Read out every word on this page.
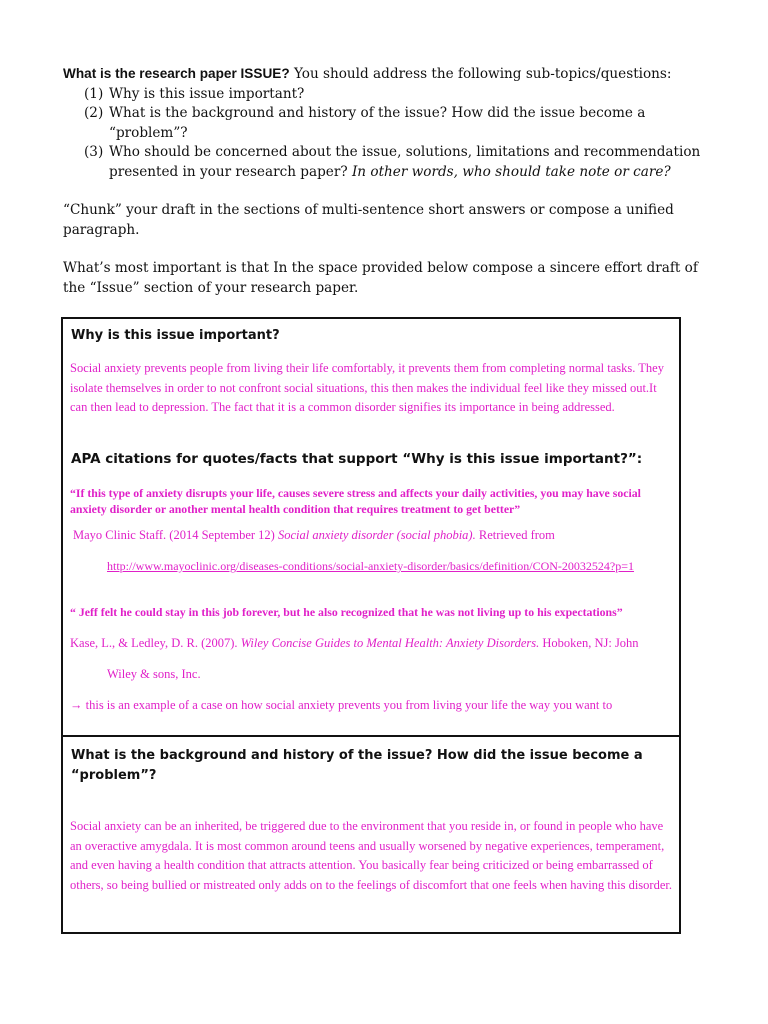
What is the research paper ISSUE? You should address the following sub-topics/questions:
(1) Why is this issue important?
(2) What is the background and history of the issue? How did the issue become a “problem”?
(3) Who should be concerned about the issue, solutions, limitations and recommendation presented in your research paper? In other words, who should take note or care?

“Chunk” your draft in the sections of multi-sentence short answers or compose a unified paragraph.

What’s most important is that In the space provided below compose a sincere effort draft of the “Issue” section of your research paper.

Why is this issue important?
Social anxiety prevents people from living their life comfortably, it prevents them from completing normal tasks. They isolate themselves in order to not confront social situations, this then makes the individual feel like they missed out.It can then lead to depression. The fact that it is a common disorder signifies its importance in being addressed.
APA citations for quotes/facts that support “Why is this issue important?”:
“If this type of anxiety disrupts your life, causes severe stress and affects your daily activities, you may have social anxiety disorder or another mental health condition that requires treatment to get better”
Mayo Clinic Staff. (2014 September 12) Social anxiety disorder (social phobia). Retrieved from
http://www.mayoclinic.org/diseases-conditions/social-anxiety-disorder/basics/definition/CON-20032524?p=1
“ Jeff felt he could stay in this job forever, but he also recognized that he was not living up to his expectations”
Kase, L., & Ledley, D. R. (2007). Wiley Concise Guides to Mental Health: Anxiety Disorders. Hoboken, NJ: John
Wiley & sons, Inc.
→ this is an example of a case on how social anxiety prevents you from living your life the way you want to
What is the background and history of the issue? How did the issue become a “problem”?
Social anxiety can be an inherited, be triggered due to the environment that you reside in, or found in people who have an overactive amygdala. It is most common around teens and usually worsened by negative experiences, temperament, and even having a health condition that attracts attention. You basically fear being criticized or being embarrassed of others, so being bullied or mistreated only adds on to the feelings of discomfort that one feels when having this disorder.
